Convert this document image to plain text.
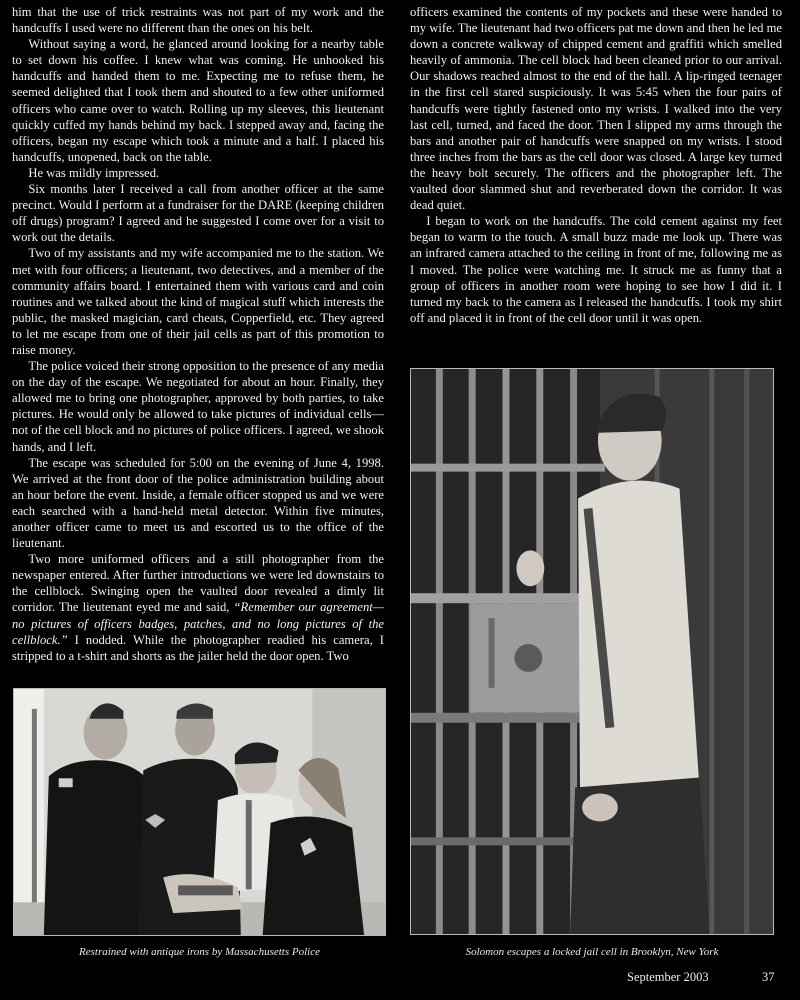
him that the use of trick restraints was not part of my work and the handcuffs I used were no different than the ones on his belt.

Without saying a word, he glanced around looking for a nearby table to set down his coffee. I knew what was coming. He unhooked his handcuffs and handed them to me. Expecting me to refuse them, he seemed delighted that I took them and shouted to a few other uniformed officers who came over to watch. Rolling up my sleeves, this lieutenant quickly cuffed my hands behind my back. I stepped away and, facing the officers, began my escape which took a minute and a half. I placed his handcuffs, unopened, back on the table.

He was mildly impressed.

Six months later I received a call from another officer at the same precinct. Would I perform at a fundraiser for the DARE (keeping children off drugs) program? I agreed and he suggested I come over for a visit to work out the details.

Two of my assistants and my wife accompanied me to the station. We met with four officers; a lieutenant, two detectives, and a member of the community affairs board. I entertained them with various card and coin routines and we talked about the kind of magical stuff which interests the public, the masked magician, card cheats, Copperfield, etc. They agreed to let me escape from one of their jail cells as part of this promotion to raise money.

The police voiced their strong opposition to the presence of any media on the day of the escape. We negotiated for about an hour. Finally, they allowed me to bring one photographer, approved by both parties, to take pictures. He would only be allowed to take pictures of individual cells—not of the cell block and no pictures of police officers. I agreed, we shook hands, and I left.

The escape was scheduled for 5:00 on the evening of June 4, 1998. We arrived at the front door of the police administration building about an hour before the event. Inside, a female officer stopped us and we were each searched with a hand-held metal detector. Within five minutes, another officer came to meet us and escorted us to the office of the lieutenant.

Two more uniformed officers and a still photographer from the newspaper entered. After further introductions we were led downstairs to the cellblock. Swinging open the vaulted door revealed a dimly lit corridor. The lieutenant eyed me and said, “Remember our agreement—no pictures of officers badges, patches, and no long pictures of the cellblock.” I nodded. While the photographer readied his camera, I stripped to a t-shirt and shorts as the jailer held the door open. Two

officers examined the contents of my pockets and these were handed to my wife. The lieutenant had two officers pat me down and then he led me down a concrete walkway of chipped cement and graffiti which smelled heavily of ammonia. The cell block had been cleaned prior to our arrival. Our shadows reached almost to the end of the hall. A lip-ringed teenager in the first cell stared suspiciously. It was 5:45 when the four pairs of handcuffs were tightly fastened onto my wrists. I walked into the very last cell, turned, and faced the door. Then I slipped my arms through the bars and another pair of handcuffs were snapped on my wrists. I stood three inches from the bars as the cell door was closed. A large key turned the heavy bolt securely. The officers and the photographer left. The vaulted door slammed shut and reverberated down the corridor. It was dead quiet.

I began to work on the handcuffs. The cold cement against my feet began to warm to the touch. A small buzz made me look up. There was an infrared camera attached to the ceiling in front of me, following me as I moved. The police were watching me. It struck me as funny that a group of officers in another room were hoping to see how I did it. I turned my back to the camera as I released the handcuffs. I took my shirt off and placed it in front of the cell door until it was open.

Restrained with antique irons by Massachusetts Police	Solomon escapes a locked jail cell in Brooklyn, New York
September 2003	37
